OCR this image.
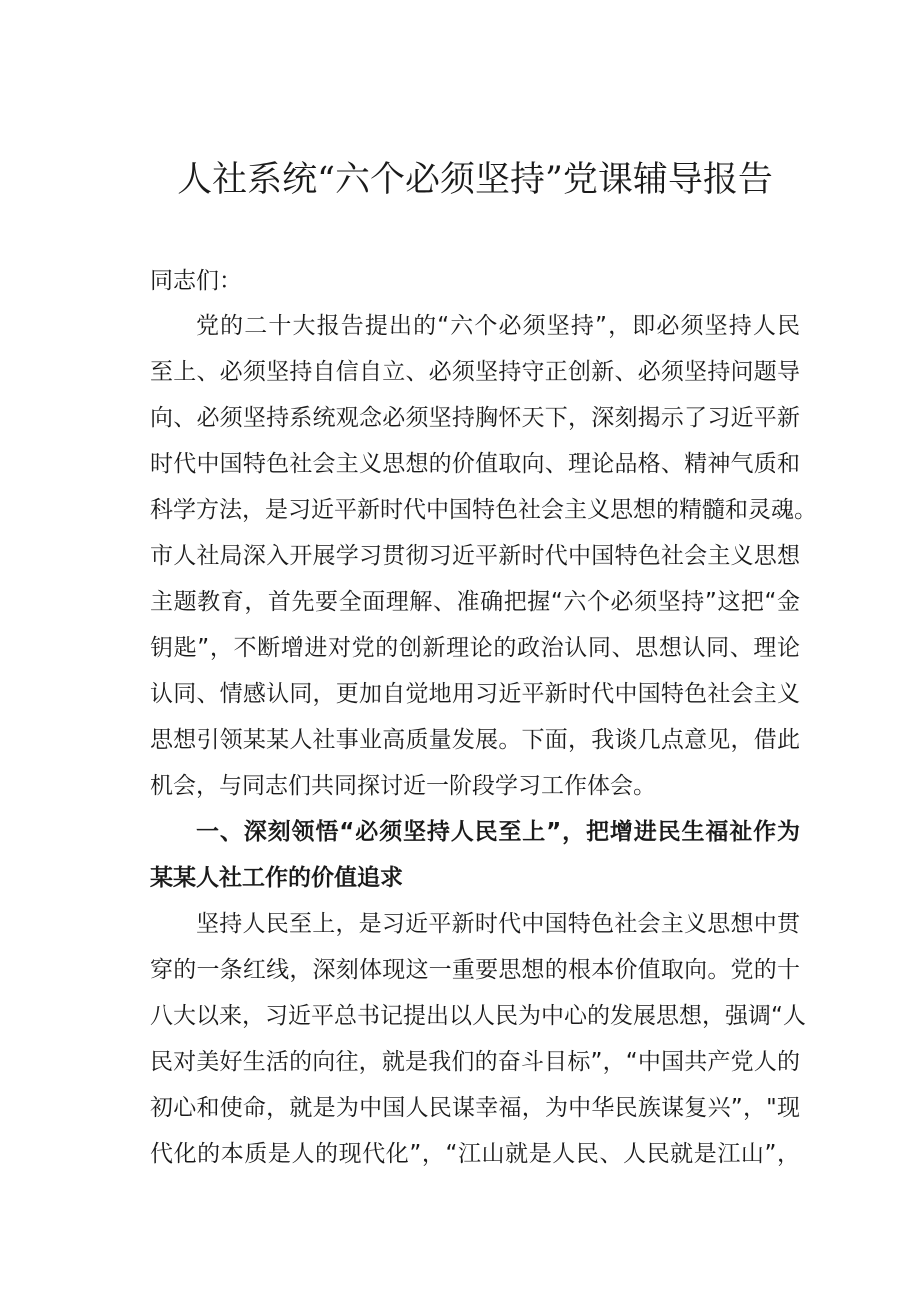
人社系统“六个必须坚持”党课辅导报告
同志们：
党的二十大报告提出的“六个必须坚持”，即必须坚持人民
至上、必须坚持自信自立、必须坚持守正创新、必须坚持问题导
向、必须坚持系统观念必须坚持胸怀天下，深刻揭示了习近平新
时代中国特色社会主义思想的价值取向、理论品格、精神气质和
科学方法，是习近平新时代中国特色社会主义思想的精髓和灵魂。
市人社局深入开展学习贯彻习近平新时代中国特色社会主义思想
主题教育，首先要全面理解、准确把握“六个必须坚持”这把“金
钥匙”，不断增进对党的创新理论的政治认同、思想认同、理论
认同、情感认同，更加自觉地用习近平新时代中国特色社会主义
思想引领某某人社事业高质量发展。下面，我谈几点意见，借此
机会，与同志们共同探讨近一阶段学习工作体会。
一、深刻领悟“必须坚持人民至上”，把增进民生福祉作为
某某人社工作的价值追求
坚持人民至上，是习近平新时代中国特色社会主义思想中贯
穿的一条红线，深刻体现这一重要思想的根本价值取向。党的十
八大以来，习近平总书记提出以人民为中心的发展思想，强调“人
民对美好生活的向往，就是我们的奋斗目标”，“中国共产党人的
初心和使命，就是为中国人民谋幸福，为中华民族谋复兴”，"现
代化的本质是人的现代化”，“江山就是人民、人民就是江山”，
